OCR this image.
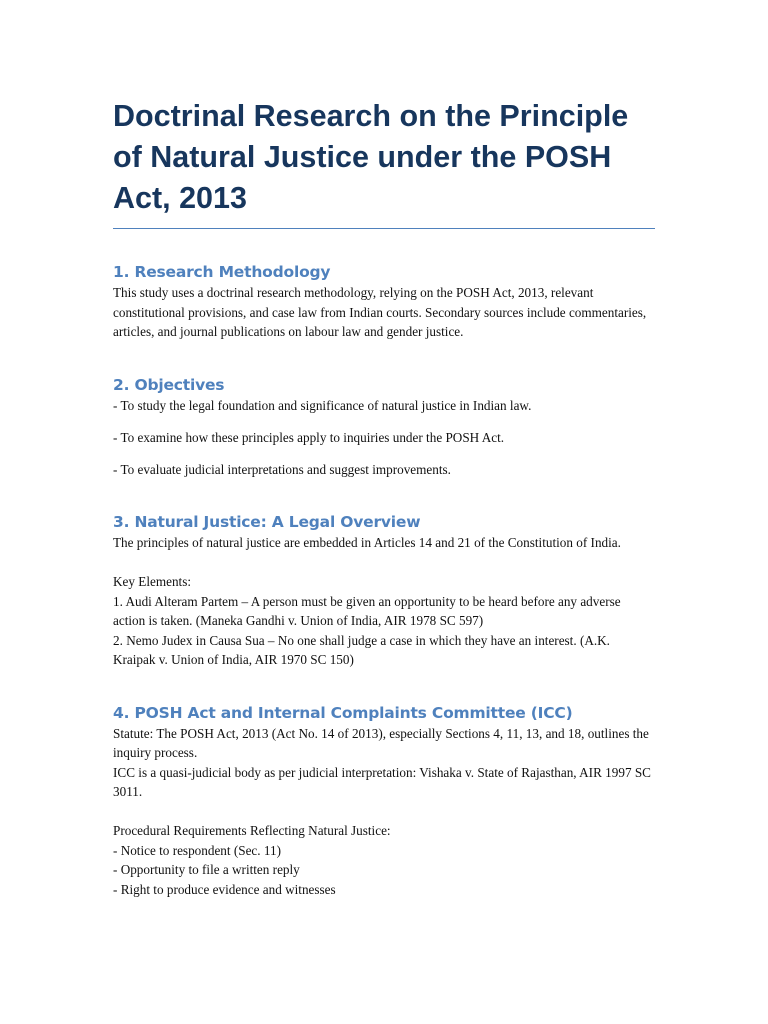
Doctrinal Research on the Principle of Natural Justice under the POSH Act, 2013
1. Research Methodology

This study uses a doctrinal research methodology, relying on the POSH Act, 2013, relevant constitutional provisions, and case law from Indian courts. Secondary sources include commentaries, articles, and journal publications on labour law and gender justice.

2. Objectives

- To study the legal foundation and significance of natural justice in Indian law.

- To examine how these principles apply to inquiries under the POSH Act.

- To evaluate judicial interpretations and suggest improvements.

3. Natural Justice: A Legal Overview

The principles of natural justice are embedded in Articles 14 and 21 of the Constitution of India.

Key Elements:

1. Audi Alteram Partem – A person must be given an opportunity to be heard before any adverse action is taken. (Maneka Gandhi v. Union of India, AIR 1978 SC 597)

2. Nemo Judex in Causa Sua – No one shall judge a case in which they have an interest. (A.K. Kraipak v. Union of India, AIR 1970 SC 150)

4. POSH Act and Internal Complaints Committee (ICC)

Statute: The POSH Act, 2013 (Act No. 14 of 2013), especially Sections 4, 11, 13, and 18, outlines the inquiry process.

ICC is a quasi-judicial body as per judicial interpretation: Vishaka v. State of Rajasthan, AIR 1997 SC 3011.

Procedural Requirements Reflecting Natural Justice:

- Notice to respondent (Sec. 11)

- Opportunity to file a written reply

- Right to produce evidence and witnesses
